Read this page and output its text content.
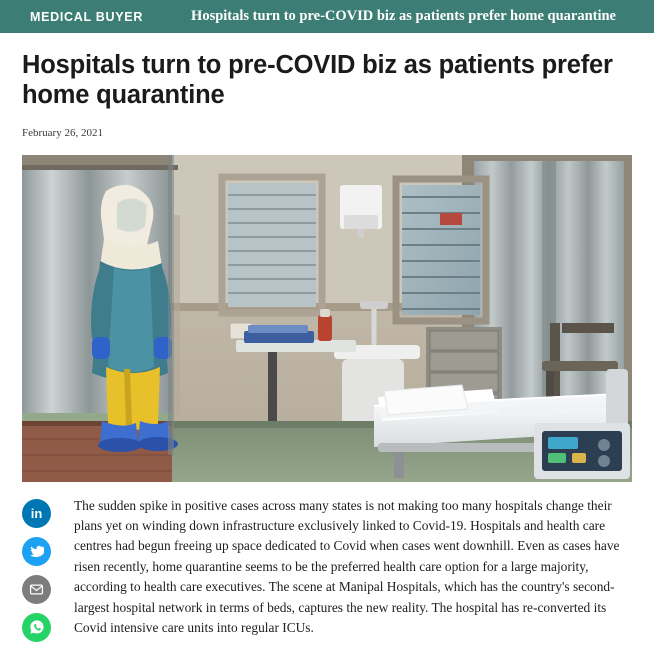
MEDICAL BUYER	Hospitals turn to pre-COVID biz as patients prefer home quarantine
Hospitals turn to pre-COVID biz as patients prefer home quarantine
February 26, 2021
in

The sudden spike in positive cases across many states is not making too many hospitals change their plans yet on winding down infrastructure exclusively linked to Covid-19. Hospitals and health care centres had begun freeing up space dedicated to Covid when cases went downhill. Even as cases have risen recently, home quarantine seems to be the preferred health care option for a large majority, according to health care executives. The scene at Manipal Hospitals, which has the country's second-largest hospital network in terms of beds, captures the new reality. The hospital has re-converted its Covid intensive care units into regular ICUs.
